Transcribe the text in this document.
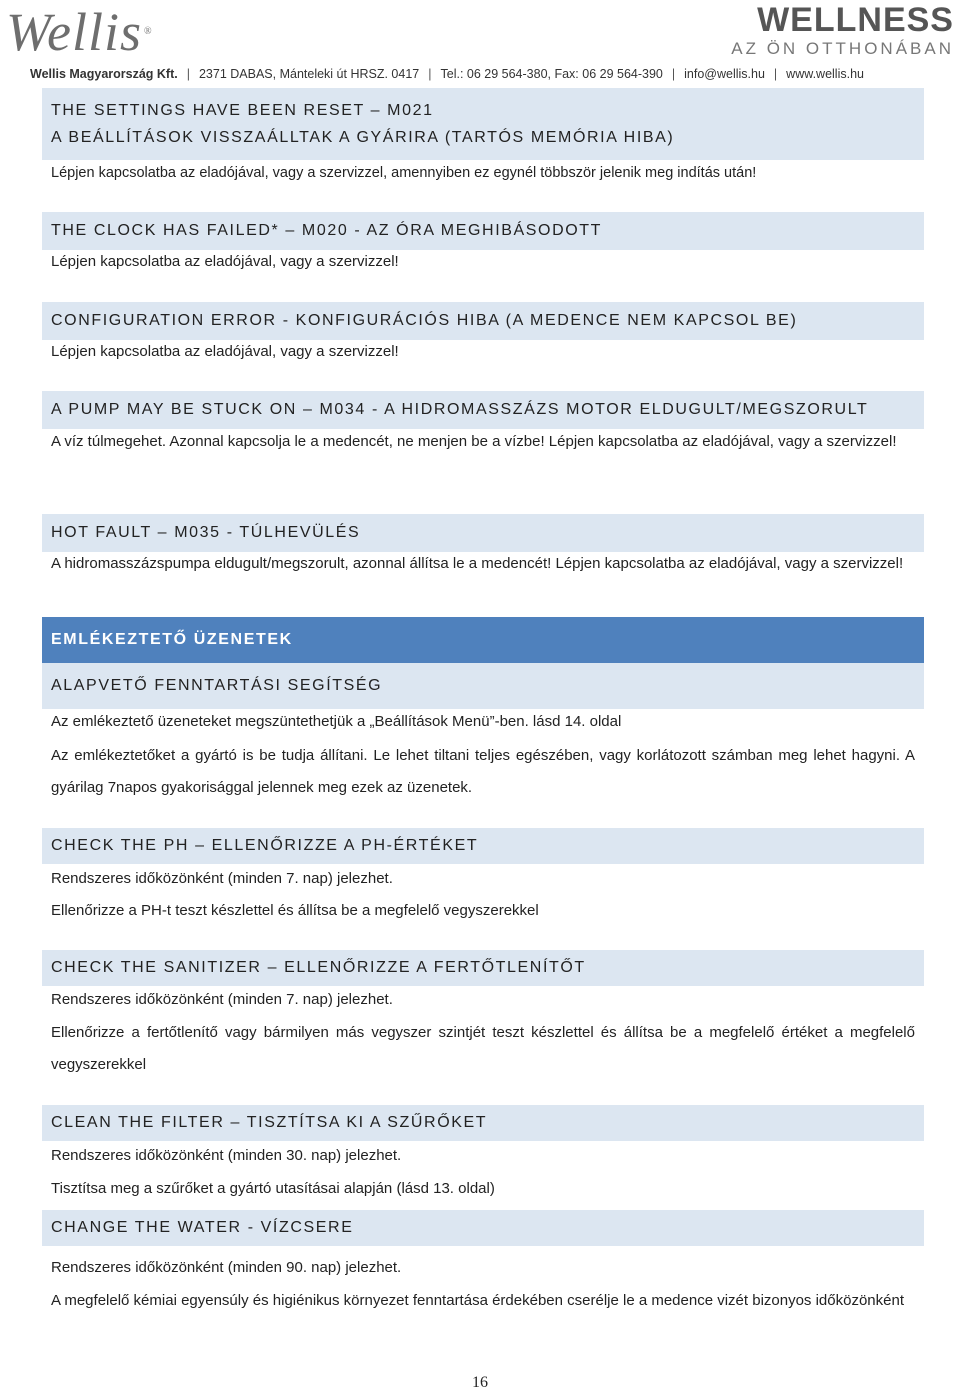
Wellis ®	WELLNESS
AZ ÖN OTTHONÁBAN
Wellis Magyarország Kft. | 2371 DABAS, Mánteleki út HRSZ. 0417 | Tel.: 06 29 564-380, Fax: 06 29 564-390 | info@wellis.hu | www.wellis.hu
THE SETTINGS HAVE BEEN RESET – M021
A BEÁLLÍTÁSOK VISSZAÁLLTAK A GYÁRIRA (TARTÓS MEMÓRIA HIBA)
Lépjen kapcsolatba az eladójával, vagy a szervizzel, amennyiben ez egynél többször jelenik meg indítás után!
THE CLOCK HAS FAILED* – M020 - AZ ÓRA MEGHIBÁSODOTT
Lépjen kapcsolatba az eladójával, vagy a szervizzel!
CONFIGURATION ERROR - KONFIGURÁCIÓS HIBA (A MEDENCE NEM KAPCSOL BE)
Lépjen kapcsolatba az eladójával, vagy a szervizzel!
A PUMP MAY BE STUCK ON – M034 - A HIDROMASSZÁZS MOTOR ELDUGULT/MEGSZORULT
A víz túlmegehet. Azonnal kapcsolja le a medencét, ne menjen be a vízbe! Lépjen kapcsolatba az eladójával, vagy a szervizzel!
HOT FAULT – M035 - TÚLHEVÜLÉS
A hidromasszázspumpa eldugult/megszorult, azonnal állítsa le a medencét! Lépjen kapcsolatba az eladójával, vagy a szervizzel!
EMLÉKEZTETŐ ÜZENETEK
ALAPVETŐ FENNTARTÁSI SEGÍTSÉG
Az emlékeztető üzeneteket megszüntethetjük a „Beállítások Menü”-ben. lásd 14. oldal
Az emlékeztetőket a gyártó is be tudja állítani. Le lehet tiltani teljes egészében, vagy korlátozott számban meg lehet hagyni. A gyárilag 7napos gyakorisággal jelennek meg ezek az üzenetek.
CHECK THE PH – ELLENŐRIZZE A PH-ÉRTÉKET
Rendszeres időközönként (minden 7. nap) jelezhet.
Ellenőrizze a PH-t teszt készlettel és állítsa be a megfelelő vegyszerekkel
CHECK THE SANITIZER – ELLENŐRIZZE A FERTŐTLENÍTŐT
Rendszeres időközönként (minden 7. nap) jelezhet.
Ellenőrizze a fertőtlenítő vagy bármilyen más vegyszer szintjét teszt készlettel és állítsa be a megfelelő értéket a megfelelő vegyszerekkel
CLEAN THE FILTER – TISZTÍTSA KI A SZŰRŐKET
Rendszeres időközönként (minden 30. nap) jelezhet.
Tisztítsa meg a szűrőket a gyártó utasításai alapján (lásd 13. oldal)
CHANGE THE WATER - VÍZCSERE
Rendszeres időközönként (minden 90. nap) jelezhet.
A megfelelő kémiai egyensúly és higiénikus környezet fenntartása érdekében cserélje le a medence vizét bizonyos időközönként
16
